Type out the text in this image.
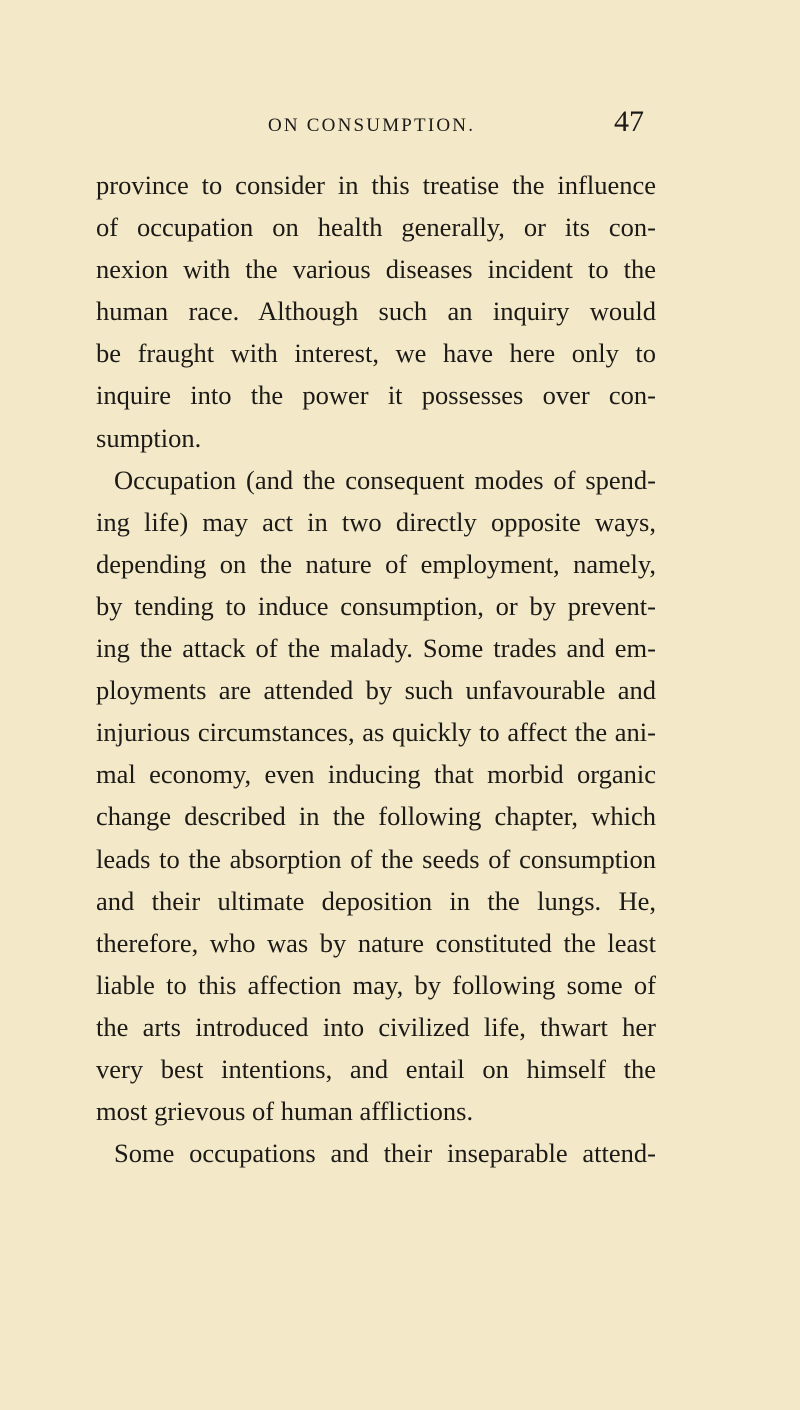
ON CONSUMPTION.	47
province to consider in this treatise the influence
of occupation on health generally, or its con-
nexion with the various diseases incident to the
human race. Although such an inquiry would
be fraught with interest, we have here only to
inquire into the power it possesses over con-
sumption.
Occupation (and the consequent modes of spend-
ing life) may act in two directly opposite ways,
depending on the nature of employment, namely,
by tending to induce consumption, or by prevent-
ing the attack of the malady. Some trades and em-
ployments are attended by such unfavourable and
injurious circumstances, as quickly to affect the ani-
mal economy, even inducing that morbid organic
change described in the following chapter, which
leads to the absorption of the seeds of consumption
and their ultimate deposition in the lungs. He,
therefore, who was by nature constituted the least
liable to this affection may, by following some of
the arts introduced into civilized life, thwart her
very best intentions, and entail on himself the
most grievous of human afflictions.
Some occupations and their inseparable attend-
